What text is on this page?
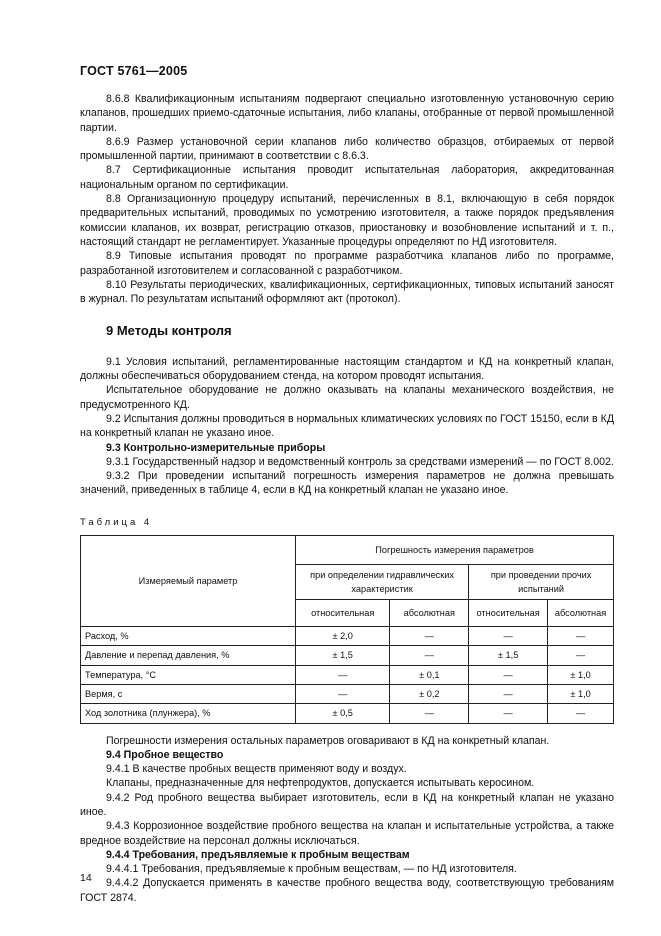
ГОСТ 5761—2005

8.6.8 Квалификационным испытаниям подвергают специально изготовленную установочную серию клапанов, прошедших приемо-сдаточные испытания, либо клапаны, отобранные от первой промышленной партии.

8.6.9 Размер установочной серии клапанов либо количество образцов, отбираемых от первой промышленной партии, принимают в соответствии с 8.6.3.

8.7 Сертификационные испытания проводит испытательная лаборатория, аккредитованная национальным органом по сертификации.

8.8 Организационную процедуру испытаний, перечисленных в 8.1, включающую в себя порядок предварительных испытаний, проводимых по усмотрению изготовителя, а также порядок предъявления комиссии клапанов, их возврат, регистрацию отказов, приостановку и возобновление испытаний и т. п., настоящий стандарт не регламентирует. Указанные процедуры определяют по НД изготовителя.

8.9 Типовые испытания проводят по программе разработчика клапанов либо по программе, разработанной изготовителем и согласованной с разработчиком.

8.10 Результаты периодических, квалификационных, сертификационных, типовых испытаний заносят в журнал. По результатам испытаний оформляют акт (протокол).

9 Методы контроля

9.1 Условия испытаний, регламентированные настоящим стандартом и КД на конкретный клапан, должны обеспечиваться оборудованием стенда, на котором проводят испытания.

Испытательное оборудование не должно оказывать на клапаны механического воздействия, не предусмотренного КД.

9.2 Испытания должны проводиться в нормальных климатических условиях по ГОСТ 15150, если в КД на конкретный клапан не указано иное.

9.3 Контрольно-измерительные приборы

9.3.1 Государственный надзор и ведомственный контроль за средствами измерений — по ГОСТ 8.002.

9.3.2 При проведении испытаний погрешность измерения параметров не должна превышать значений, приведенных в таблице 4, если в КД на конкретный клапан не указано иное.

Таблица 4
Измеряемый параметр	Погрешность измерения параметров			
	при определении гидравлических характеристик		при проведении прочих испытаний	
	относительная	абсолютная	относительная	абсолютная
Расход, %	± 2,0	—	—	—
Давление и перепад давления, %	± 1,5	—	± 1,5	—
Температура, °С	—	± 0,1	—	± 1,0
Вермя, с	—	± 0,2	—	± 1,0
Ход золотника (плунжера), %	± 0,5	—	—	—

Погрешности измерения остальных параметров оговаривают в КД на конкретный клапан.

9.4 Пробное вещество

9.4.1 В качестве пробных веществ применяют воду и воздух.

Клапаны, предназначенные для нефтепродуктов, допускается испытывать керосином.

9.4.2 Род пробного вещества выбирает изготовитель, если в КД на конкретный клапан не указано иное.

9.4.3 Коррозионное воздействие пробного вещества на клапан и испытательные устройства, а также вредное воздействие на персонал должны исключаться.

9.4.4 Требования, предъявляемые к пробным веществам

9.4.4.1 Требования, предъявляемые к пробным веществам, — по НД изготовителя.

9.4.4.2 Допускается применять в качестве пробного вещества воду, соответствующую требованиям ГОСТ 2874.

14
